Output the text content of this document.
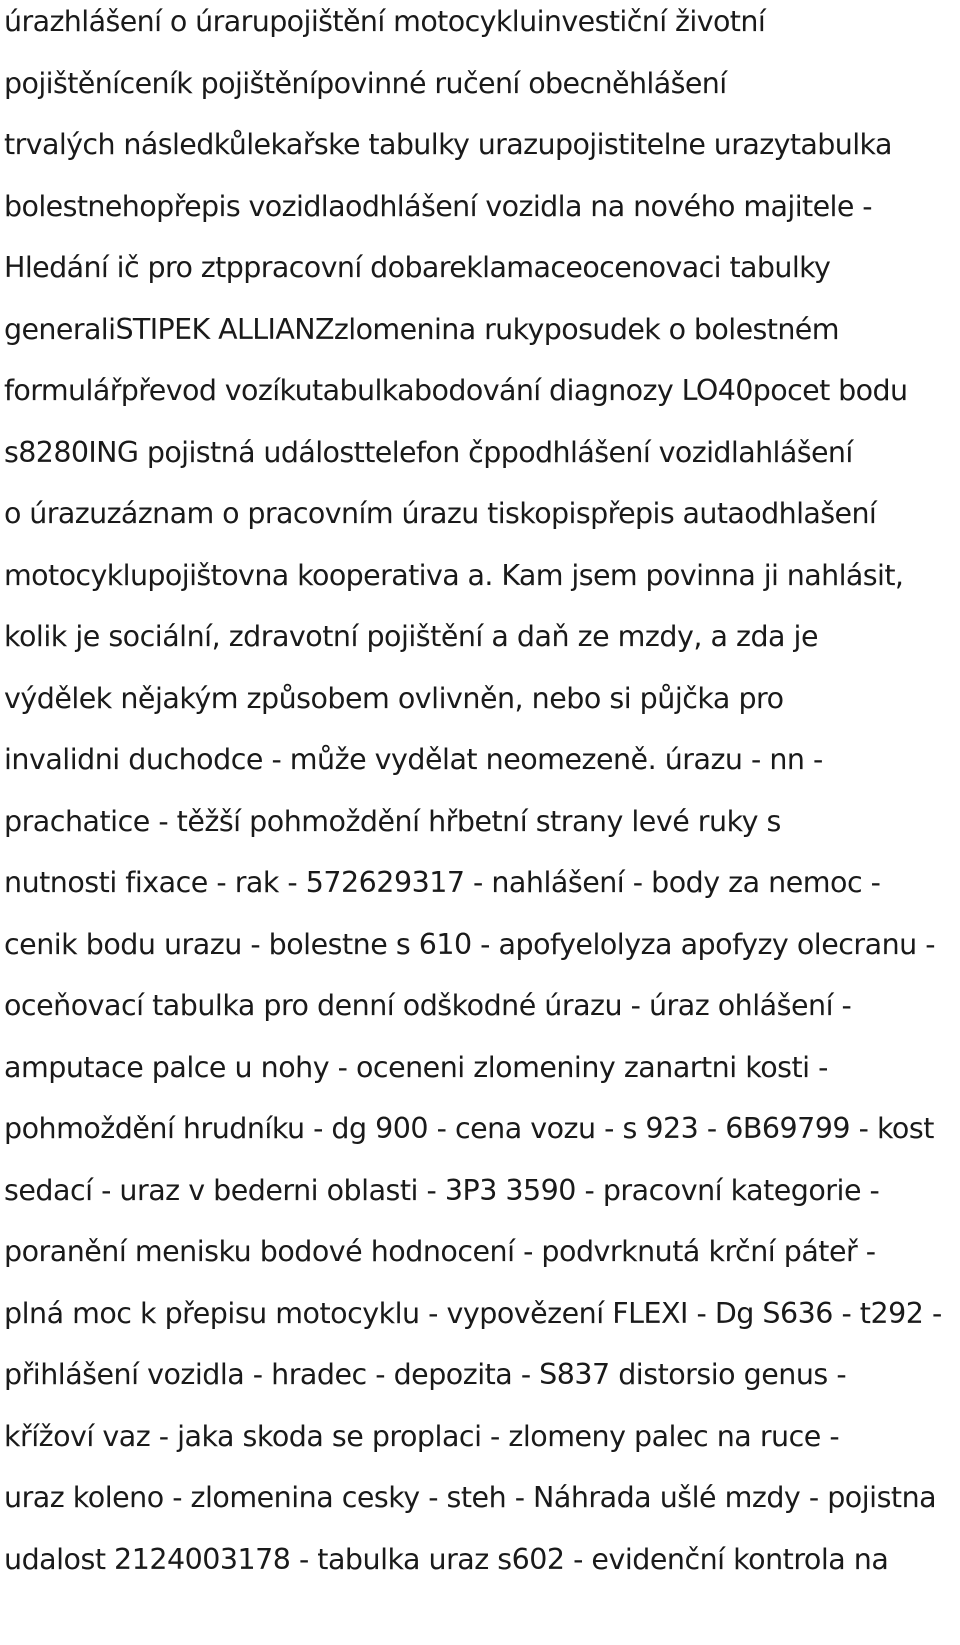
úrazhlášení o úrarupojištění motocykluinvestiční životní
pojištěníceník pojištěnípovinné ručení obecněhlášení
trvalých následkůlekařske tabulky urazupojistitelne urazytabulka
bolestnehopřepis vozidlaodhlášení vozidla na nového majitele -
Hledání ič pro ztppracovní dobareklamaceocenovaci tabulky
generaliSTIPEK ALLIANZzlomenina rukyposudek o bolestném
formulářpřevod vozíkutabulkabodování diagnozy LO40pocet bodu
s8280ING pojistná událosttelefon čppodhlášení vozidlahlášení
o úrazuzáznam o pracovním úrazu tiskopispřepis autaodhlašení
motocyklupojištovna kooperativa a. Kam jsem povinna ji nahlásit,
kolik je sociální, zdravotní pojištění a daň ze mzdy, a zda je
výdělek nějakým způsobem ovlivněn, nebo si půjčka pro
invalidni duchodce - může vydělat neomezeně. úrazu - nn -
prachatice - těžší pohmoždění hřbetní strany levé ruky s
nutnosti fixace - rak - 572629317 - nahlášení - body za nemoc -
cenik bodu urazu - bolestne s 610 - apofyelolyza apofyzy olecranu -
oceňovací tabulka pro denní odškodné úrazu - úraz ohlášení -
amputace palce u nohy - oceneni zlomeniny zanartni kosti -
pohmoždění hrudníku - dg 900 - cena vozu - s 923 - 6B69799 - kost
sedací - uraz v bederni oblasti - 3P3 3590 - pracovní kategorie -
poranění menisku bodové hodnocení - podvrknutá krční páteř -
plná moc k přepisu motocyklu - vypovězení FLEXI - Dg S636 - t292 -
přihlášení vozidla - hradec - depozita - S837 distorsio genus -
křížoví vaz - jaka skoda se proplaci - zlomeny palec na ruce -
uraz koleno - zlomenina cesky - steh - Náhrada ušlé mzdy - pojistna
udalost 2124003178 - tabulka uraz s602 - evidenční kontrola na
